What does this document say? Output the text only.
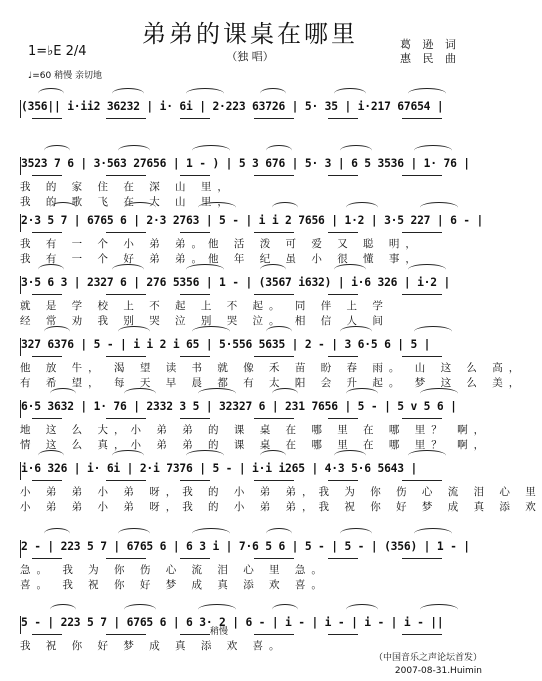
弟弟的课桌在哪里
（独 唱）
葛 逊 词
惠 民 曲
1=♭E 2/4
♩=60 稍慢 亲切地
(356|| i·ii2 36232 | i· 6i | 2·223 63726 | 5· 35 | i·217 67654 |
3523 7 6 | 3·563 27656 | 1 - ) | 5 3 676 | 5· 3 | 6 5 3536 | 1· 76 |
我 的 家 住 在 深 山 里，
我 的 歌 飞 在 大 山 里，
2·3 5 7 | 6765 6 | 2·3 2763 | 5 - | i i 2 7656 | 1·2 | 3·5 227 | 6 - |
我 有 一 个 小 弟 弟。他 活 泼 可 爱 又 聪 明，
我 有 一 个 好 弟 弟。他 年 纪 虽 小 很 懂 事，
3·5 6 3 | 2327 6 | 276 5356 | 1 - | (3567 i632) | i·6 326 | i·2 |
就 是 学 校 上 不 起 上 不 起。 同 伴 上 学
经 常 劝 我 别 哭 泣 别 哭 泣。 相 信 人 间
327 6376 | 5 - | i i 2 i 65 | 5·556 5635 | 2 - | 3 6·5 6 | 5 |
他 放 牛， 渴 望 读 书 就 像 禾 苗 盼 春 雨。 山 这 么 高，
有 希 望， 每 天 早 晨 都 有 太 阳 会 升 起。 梦 这 么 美，
6·5 3632 | 1· 76 | 2332 3 5 | 32327 6 | 231 7656 | 5 - | 5 v 5 6 |
地 这 么 大，小 弟 弟 的 课 桌 在 哪 里 在 哪 里？ 啊，
情 这 么 真，小 弟 弟 的 课 桌 在 哪 里 在 哪 里？ 啊，
i·6 326 | i· 6i | 2·i 7376 | 5 - | i·i i265 | 4·3 5·6 5643 |
小 弟 弟 小 弟 呀，我 的 小 弟 弟，我 为 你 伤 心 流 泪 心 里
小 弟 弟 小 弟 呀，我 的 小 弟 弟，我 祝 你 好 梦 成 真 添 欢
2 - | 223 5 7 | 6765 6 | 6 3 i | 7·6 5 6 | 5 - | 5 - | (356) | 1 - |
急。 我 为 你 伤 心 流 泪 心 里 急。
喜。 我 祝 你 好 梦 成 真 添 欢 喜。
5 - | 223 5 7 | 6765 6 | 6 3· 2 | 6 - | i - | i - | i - | i - ||
我 祝 你 好 梦 成 真 添 欢 喜。
稍慢
（中国音乐之声论坛首发）
2007-08-31.Huimin
